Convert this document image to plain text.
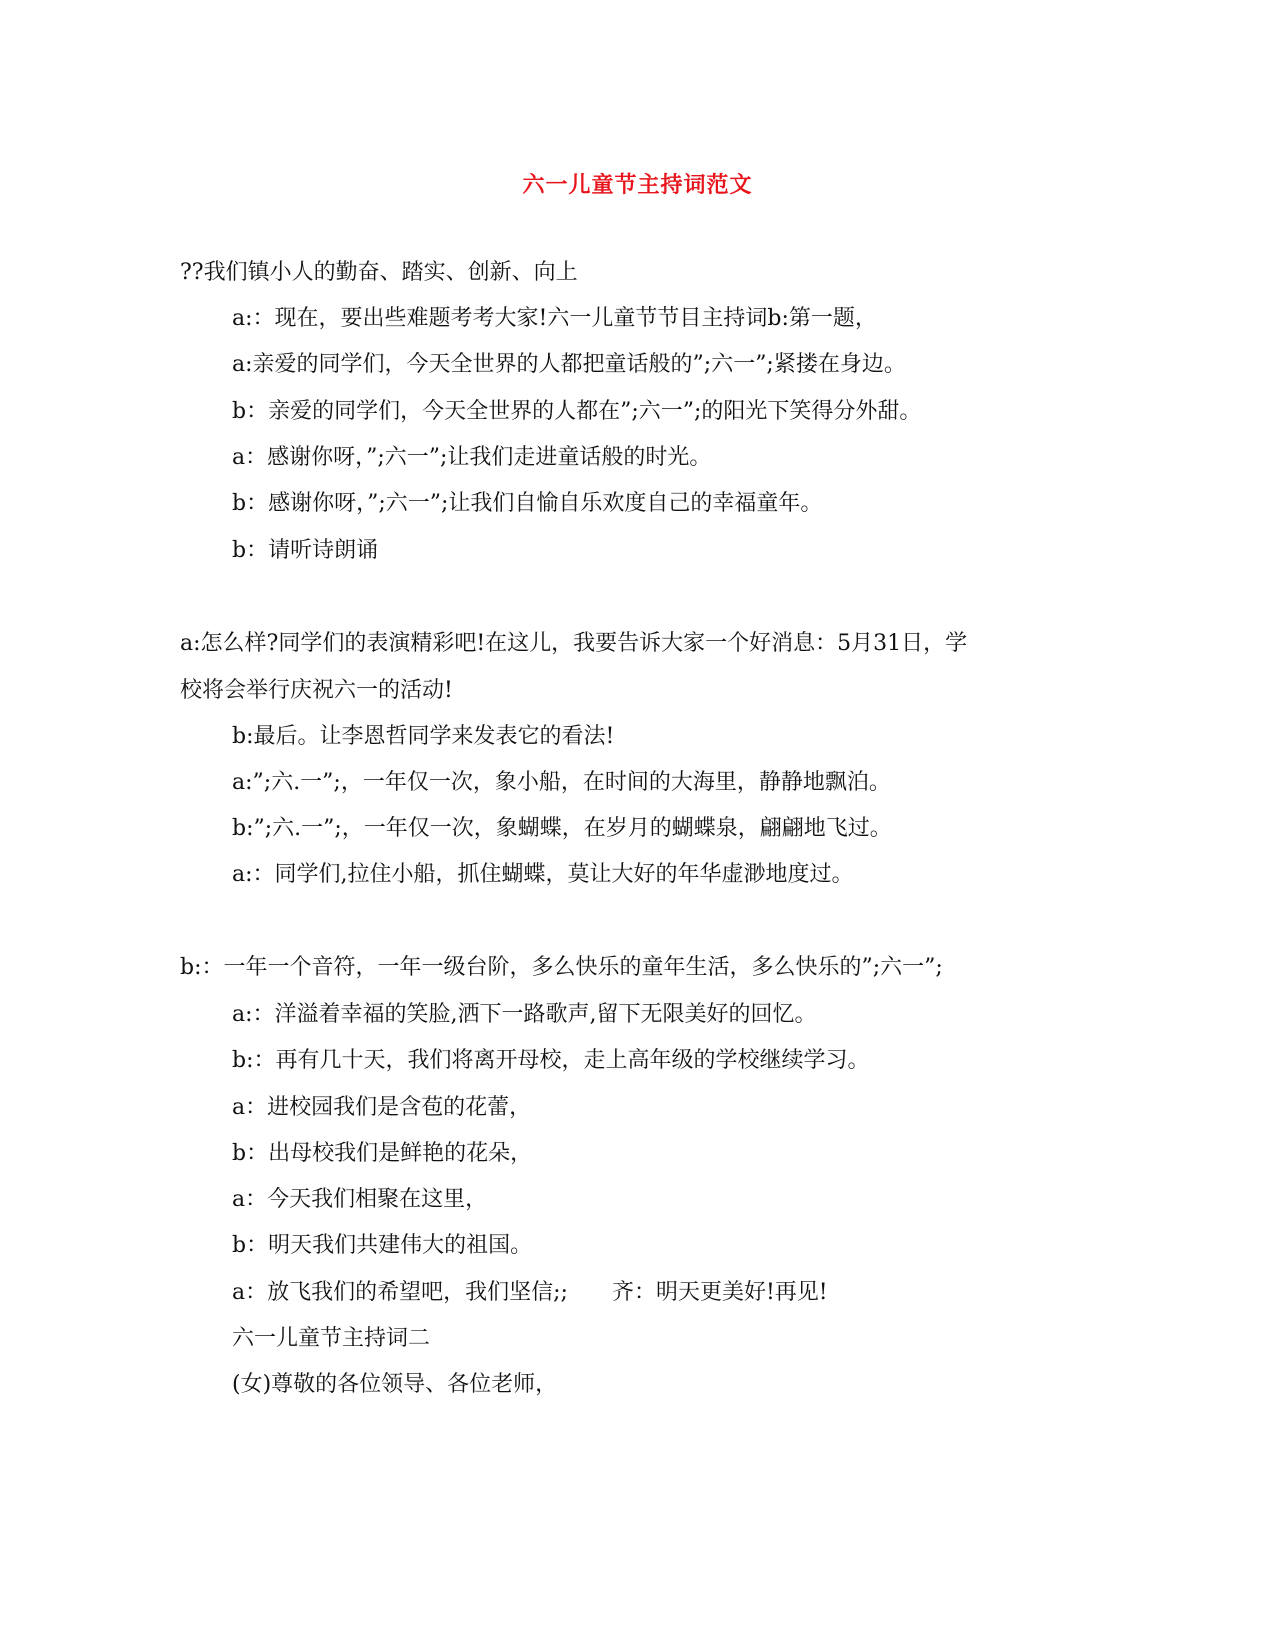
六一儿童节主持词范文
??我们镇小人的勤奋、踏实、创新、向上
a:：现在，要出些难题考考大家!六一儿童节节目主持词b:第一题，
a:亲爱的同学们，今天全世界的人都把童话般的”;六一”;紧搂在身边。
b：亲爱的同学们，今天全世界的人都在”;六一”;的阳光下笑得分外甜。
a：感谢你呀，”;六一”;让我们走进童话般的时光。
b：感谢你呀，”;六一”;让我们自愉自乐欢度自己的幸福童年。
b：请听诗朗诵
a:怎么样?同学们的表演精彩吧!在这儿，我要告诉大家一个好消息：5月31日，学
校将会举行庆祝六一的活动!
b:最后。让李恩哲同学来发表它的看法!
a:”;六.一”;，一年仅一次，象小船，在时间的大海里，静静地飘泊。
b:”;六.一”;，一年仅一次，象蝴蝶，在岁月的蝴蝶泉，翩翩地飞过。
a:：同学们,拉住小船，抓住蝴蝶，莫让大好的年华虚渺地度过。
b:：一年一个音符，一年一级台阶，多么快乐的童年生活，多么快乐的”;六一”;
a:：洋溢着幸福的笑脸,洒下一路歌声,留下无限美好的回忆。
b:：再有几十天，我们将离开母校，走上高年级的学校继续学习。
a：进校园我们是含苞的花蕾，
b：出母校我们是鲜艳的花朵，
a：今天我们相聚在这里，
b：明天我们共建伟大的祖国。
a：放飞我们的希望吧，我们坚信;;　　齐：明天更美好!再见!
六一儿童节主持词二
(女)尊敬的各位领导、各位老师，
